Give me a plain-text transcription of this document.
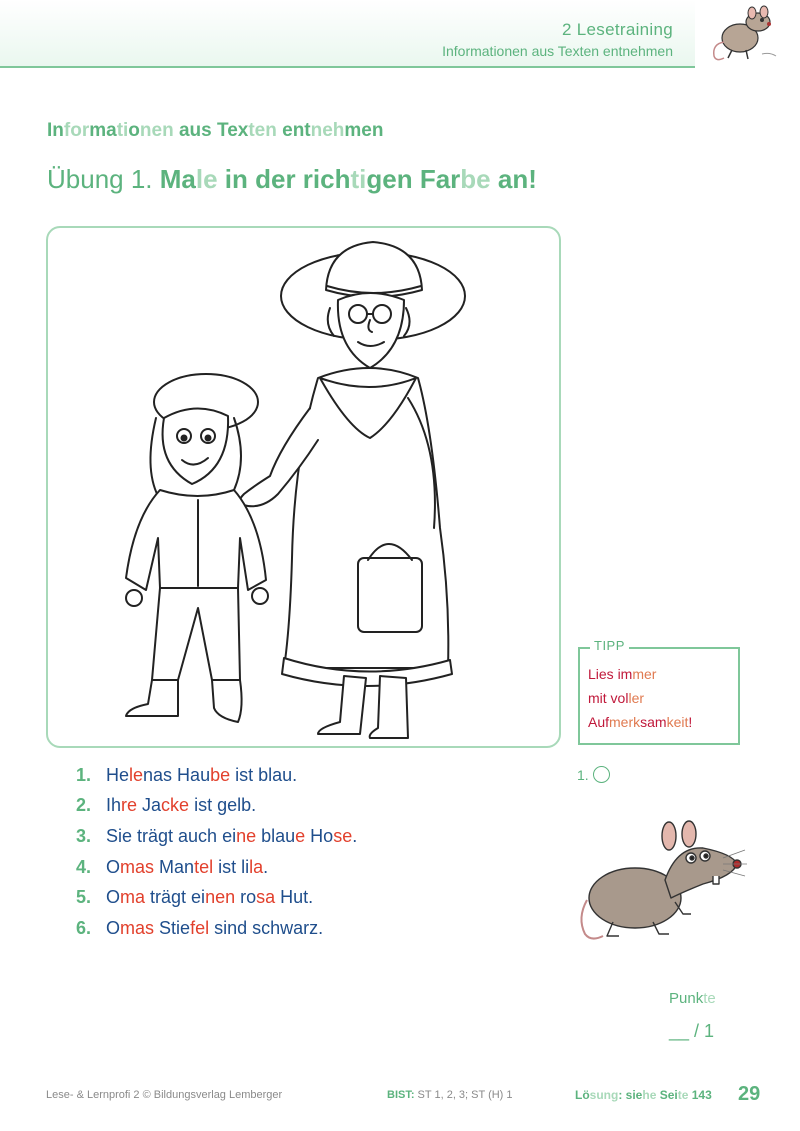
2 Lesetraining
Informationen aus Texten entnehmen
Informationen aus Texten entnehmen
Übung 1. Male in der richtigen Farbe an!
TIPP
Lies immer
mit voller
Aufmerksamkeit!
1.
1. Helenas Haube ist blau.
2. Ihre Jacke ist gelb.
3. Sie trägt auch eine blaue Hose.
4. Omas Mantel ist lila.
5. Oma trägt einen rosa Hut.
6. Omas Stiefel sind schwarz.
Punkte
__ / 1
Lese- & Lernprofi 2 © Bildungsverlag Lemberger	BIST: ST 1, 2, 3; ST (H) 1	Lösung: siehe Seite 143 29
